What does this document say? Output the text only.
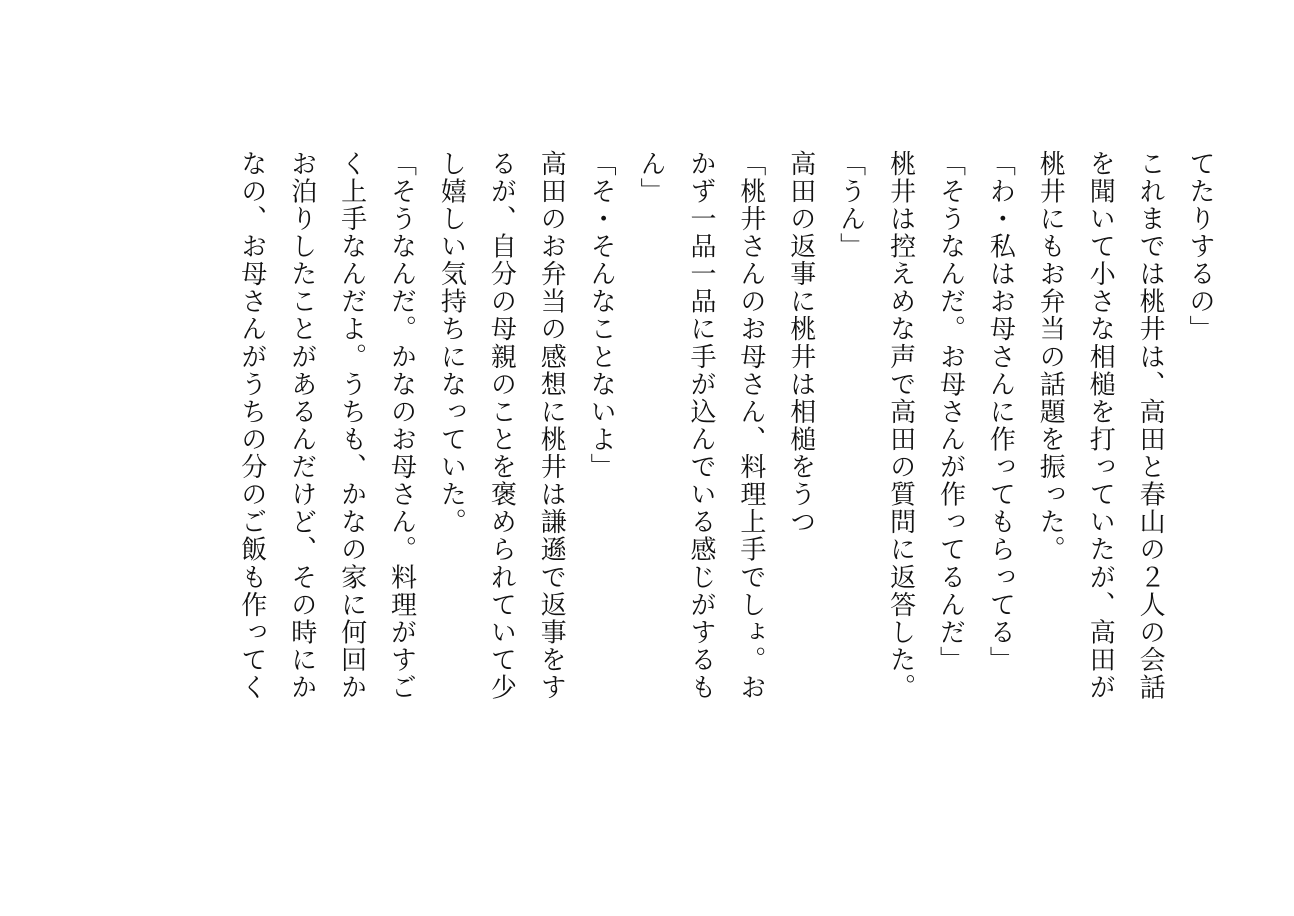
てたりするの」

これまでは桃井は、高田と春山の２人の会話

を聞いて小さな相槌を打っていたが、高田が

桃井にもお弁当の話題を振った。

「わ・私はお母さんに作ってもらってる」

「そうなんだ。お母さんが作ってるんだ」

桃井は控えめな声で高田の質問に返答した。

「うん」

高田の返事に桃井は相槌をうつ

「桃井さんのお母さん、料理上手でしょ。お

かず一品一品に手が込んでいる感じがするも

ん」

「そ・そんなことないよ」

高田のお弁当の感想に桃井は謙遜で返事をす

るが、自分の母親のことを褒められていて少

し嬉しい気持ちになっていた。

「そうなんだ。かなのお母さん。料理がすご

く上手なんだよ。うちも、かなの家に何回か

お泊りしたことがあるんだけど、その時にか

なの、お母さんがうちの分のご飯も作ってく
